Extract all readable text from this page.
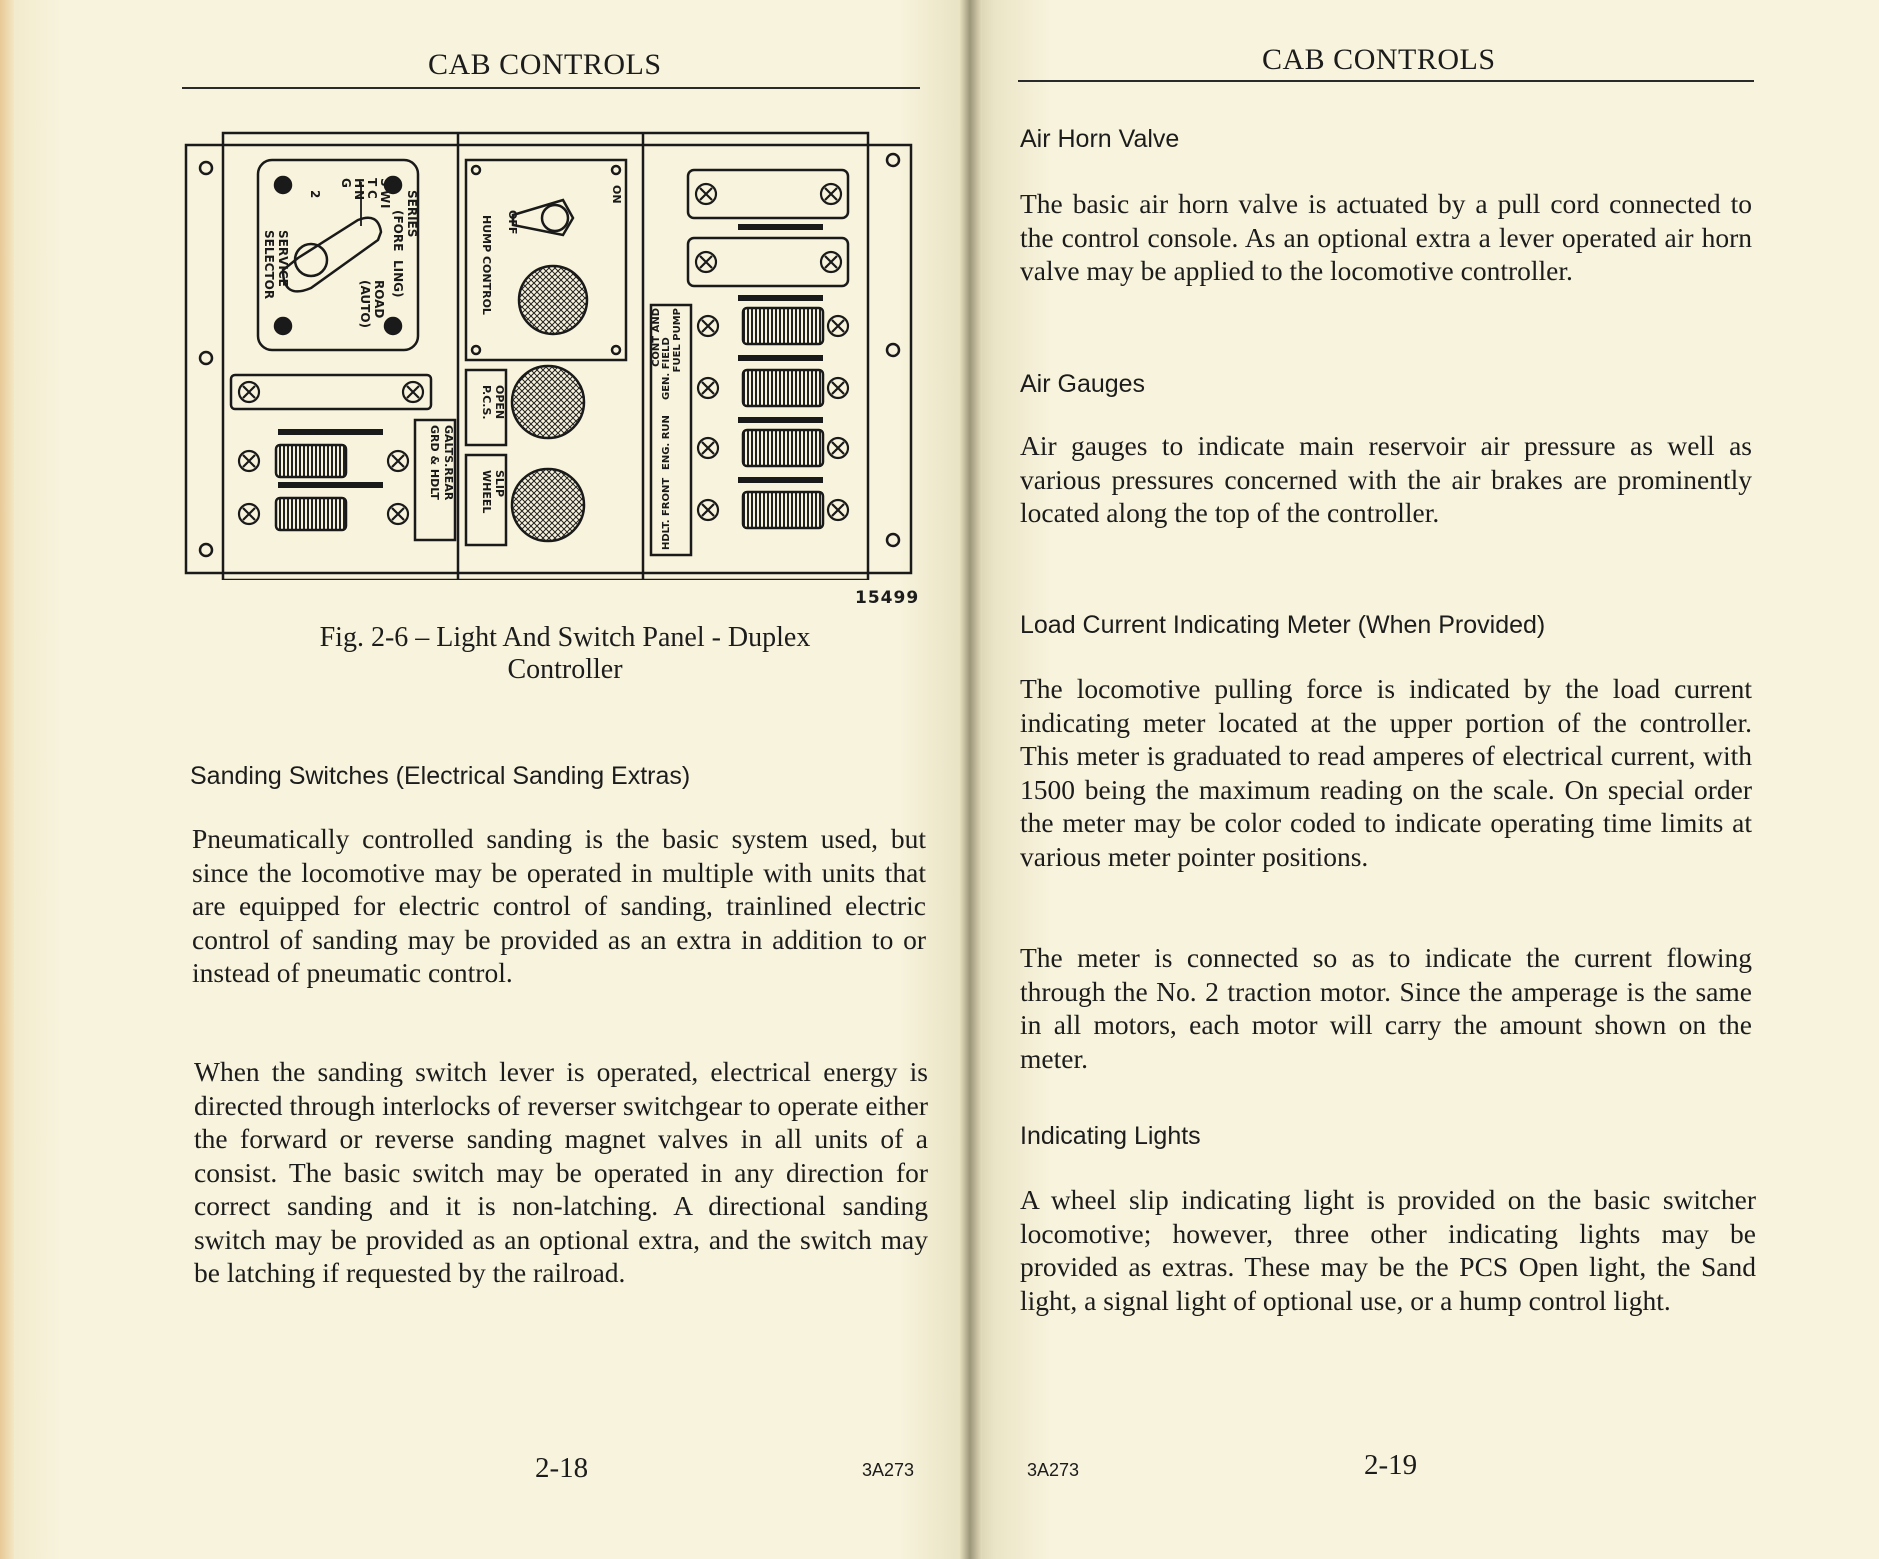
CAB CONTROLS
SERIES
(FORE
LING)
S
W
I
T
C
H
N
G
2
ROAD
(AUTO)
SERVICE
SELECTOR	HUMP CONTROL OFF
ON
P.C.S. OPEN
WHEEL SLIP
GRD & HDLT GALTS.REAR
CONT AND FUEL PUMP
GEN. FIELD
ENG. RUN
HDLT. FRONT
15499
Fig. 2-6 – Light And Switch Panel - Duplex
Controller
Sanding Switches (Electrical Sanding Extras)
Pneumatically controlled sanding is the basic system used, but since the locomotive may be operated in multiple with units that are equipped for electric control of sanding, trainlined electric control of sanding may be provided as an extra in addition to or instead of pneumatic control.
When the sanding switch lever is operated, electrical energy is directed through interlocks of reverser switchgear to operate either the forward or reverse sanding magnet valves in all units of a consist. The basic switch may be operated in any direction for correct sanding and it is non-latching. A directional sanding switch may be provided as an optional extra, and the switch may be latching if requested by the railroad.
2-18	3A273
CAB CONTROLS
Air Horn Valve
The basic air horn valve is actuated by a pull cord connected to the control console. As an optional extra a lever operated air horn valve may be applied to the locomotive controller.
Air Gauges
Air gauges to indicate main reservoir air pressure as well as various pressures concerned with the air brakes are prominently located along the top of the controller.
Load Current Indicating Meter (When Provided)
The locomotive pulling force is indicated by the load current indicating meter located at the upper portion of the controller. This meter is graduated to read amperes of electrical current, with 1500 being the maximum reading on the scale. On special order the meter may be color coded to indicate operating time limits at various meter pointer positions.
The meter is connected so as to indicate the current flowing through the No. 2 traction motor. Since the amperage is the same in all motors, each motor will carry the amount shown on the meter.
Indicating Lights
A wheel slip indicating light is provided on the basic switcher locomotive; however, three other indicating lights may be provided as extras. These may be the PCS Open light, the Sand light, a signal light of optional use, or a hump control light.
3A273	2-19
